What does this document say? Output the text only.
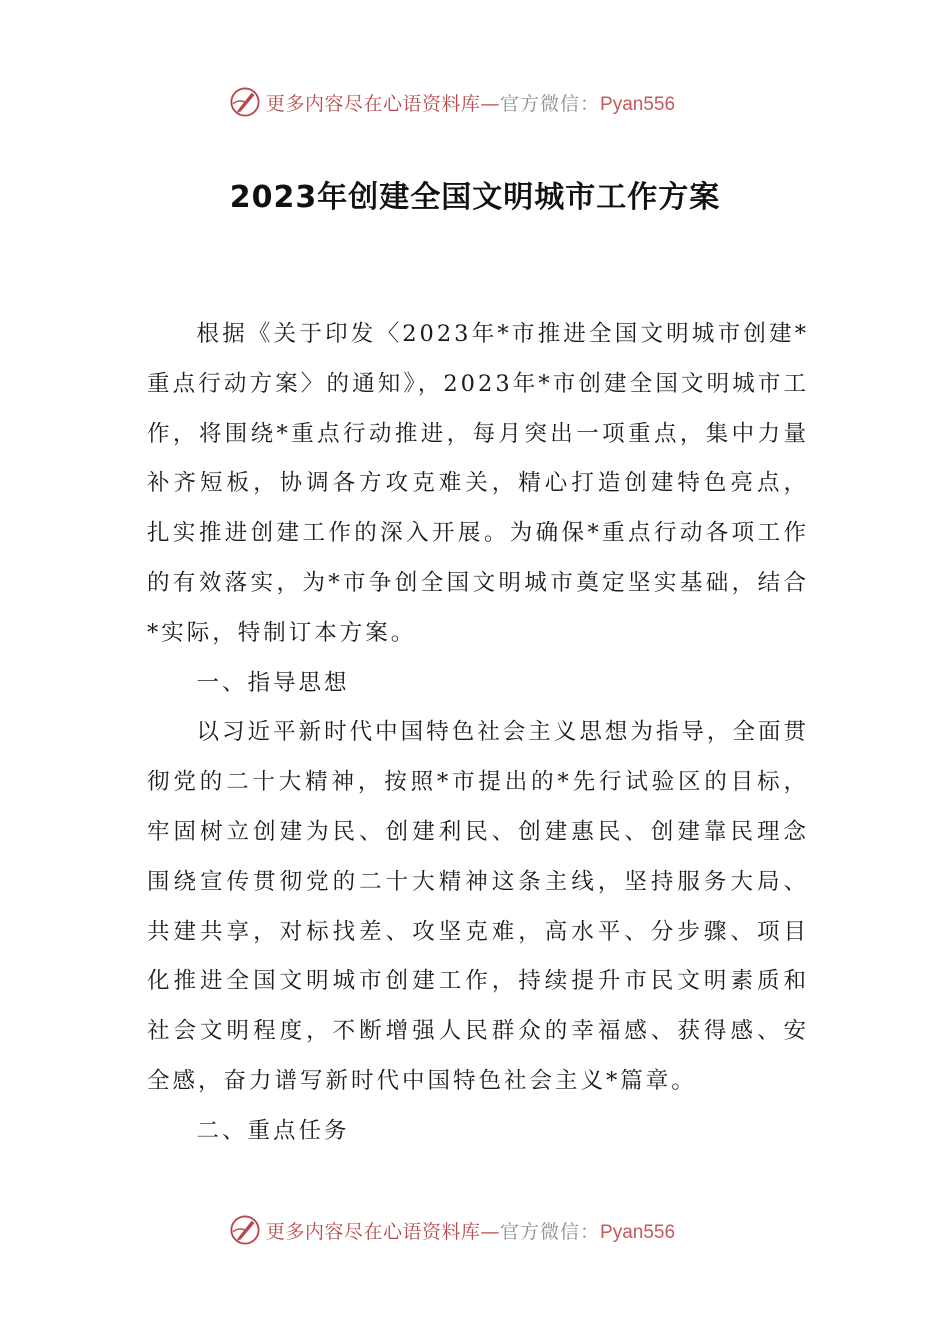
更多内容尽在心语资料库—官方微信：Pyan556
2023年创建全国文明城市工作方案

根据《关于印发〈2023年*市推进全国文明城市创建*重点行动方案〉的通知》，2023年*市创建全国文明城市工作，将围绕*重点行动推进，每月突出一项重点，集中力量补齐短板，协调各方攻克难关，精心打造创建特色亮点，扎实推进创建工作的深入开展。为确保*重点行动各项工作的有效落实，为*市争创全国文明城市奠定坚实基础，结合*实际，特制订本方案。

一、指导思想

以习近平新时代中国特色社会主义思想为指导，全面贯彻党的二十大精神，按照*市提出的*先行试验区的目标，牢固树立创建为民、创建利民、创建惠民、创建靠民理念围绕宣传贯彻党的二十大精神这条主线，坚持服务大局、共建共享，对标找差、攻坚克难，高水平、分步骤、项目化推进全国文明城市创建工作，持续提升市民文明素质和社会文明程度，不断增强人民群众的幸福感、获得感、安全感，奋力谱写新时代中国特色社会主义*篇章。

二、重点任务

更多内容尽在心语资料库—官方微信：Pyan556
